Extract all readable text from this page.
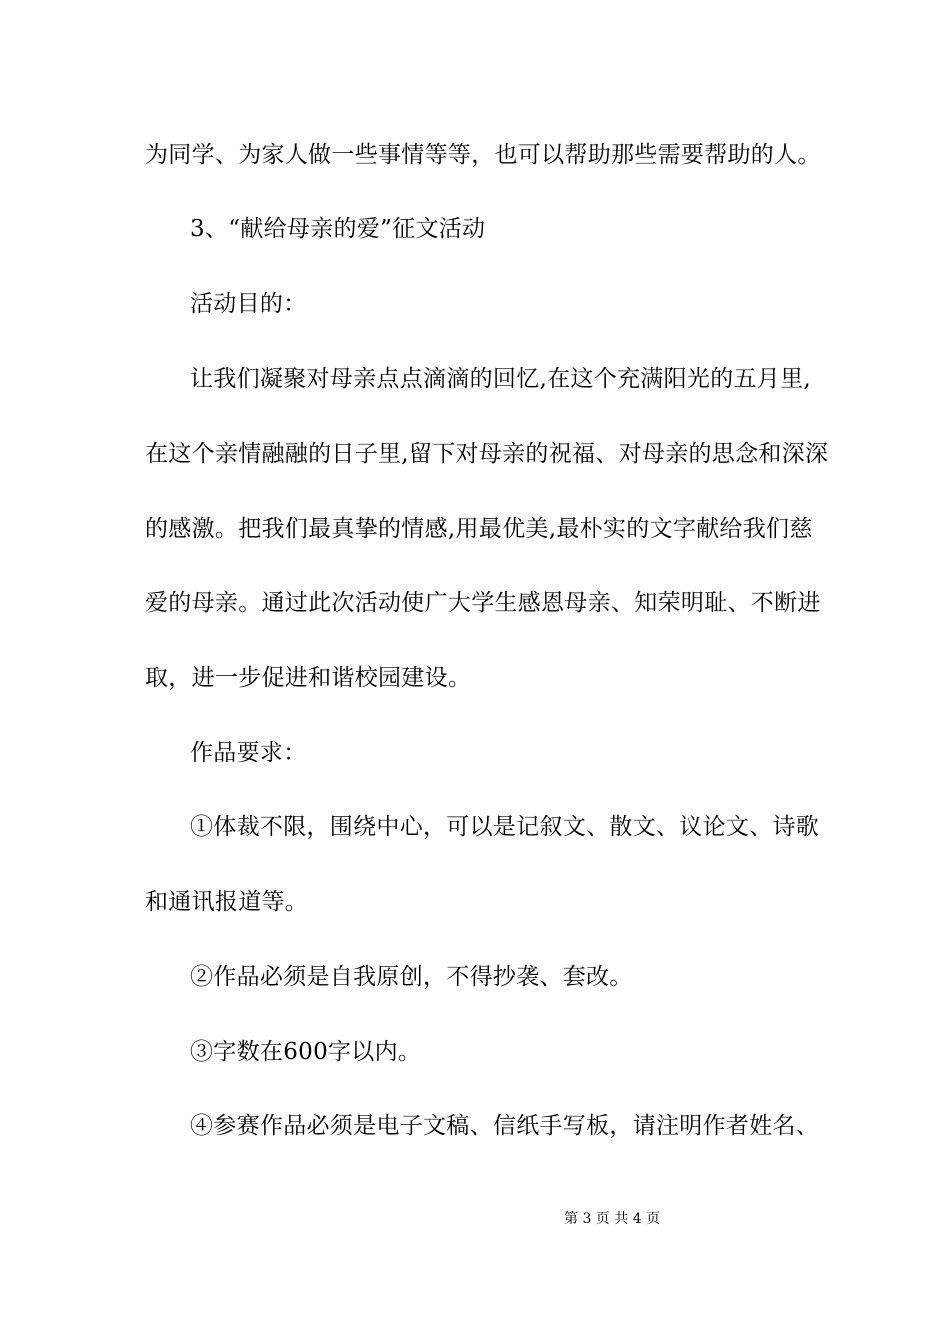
为同学、为家人做一些事情等等，也可以帮助那些需要帮助的人。
3、“献给母亲的爱”征文活动
活动目的：
让我们凝聚对母亲点点滴滴的回忆,在这个充满阳光的五月里,
在这个亲情融融的日子里,留下对母亲的祝福、对母亲的思念和深深
的感激。把我们最真挚的情感,用最优美,最朴实的文字献给我们慈
爱的母亲。通过此次活动使广大学生感恩母亲、知荣明耻、不断进
取，进一步促进和谐校园建设。
作品要求：
①体裁不限，围绕中心，可以是记叙文、散文、议论文、诗歌
和通讯报道等。
②作品必须是自我原创，不得抄袭、套改。
③字数在600字以内。
④参赛作品必须是电子文稿、信纸手写板，请注明作者姓名、
第 3 页 共 4 页
